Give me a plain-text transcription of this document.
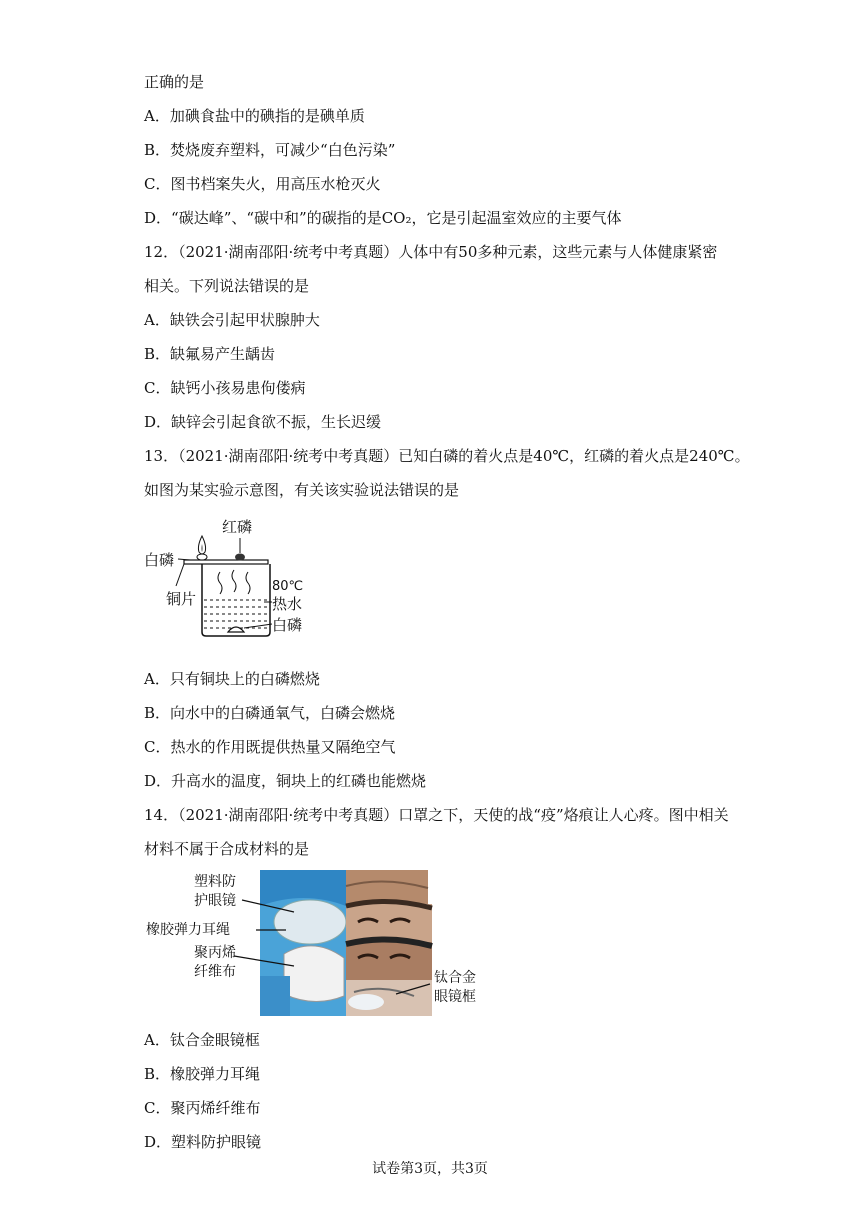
正确的是
A．加碘食盐中的碘指的是碘单质
B．焚烧废弃塑料，可减少“白色污染”
C．图书档案失火，用高压水枪灭火
D．“碳达峰”、“碳中和”的碳指的是CO₂，它是引起温室效应的主要气体
12．（2021·湖南邵阳·统考中考真题）人体中有50多种元素，这些元素与人体健康紧密
相关。下列说法错误的是
A．缺铁会引起甲状腺肿大
B．缺氟易产生龋齿
C．缺钙小孩易患佝偻病
D．缺锌会引起食欲不振，生长迟缓
13．（2021·湖南邵阳·统考中考真题）已知白磷的着火点是40℃，红磷的着火点是240℃。
如图为某实验示意图，有关该实验说法错误的是
红磷
白磷
铜片
80℃
热水
白磷
A．只有铜块上的白磷燃烧
B．向水中的白磷通氧气，白磷会燃烧
C．热水的作用既提供热量又隔绝空气
D．升高水的温度，铜块上的红磷也能燃烧
14．（2021·湖南邵阳·统考中考真题）口罩之下，天使的战“疫”烙痕让人心疼。图中相关
材料不属于合成材料的是
塑料防
护眼镜
橡胶弹力耳绳
聚丙烯
纤维布	钛合金
眼镜框
A．钛合金眼镜框
B．橡胶弹力耳绳
C．聚丙烯纤维布
D．塑料防护眼镜
试卷第3页，共3页
